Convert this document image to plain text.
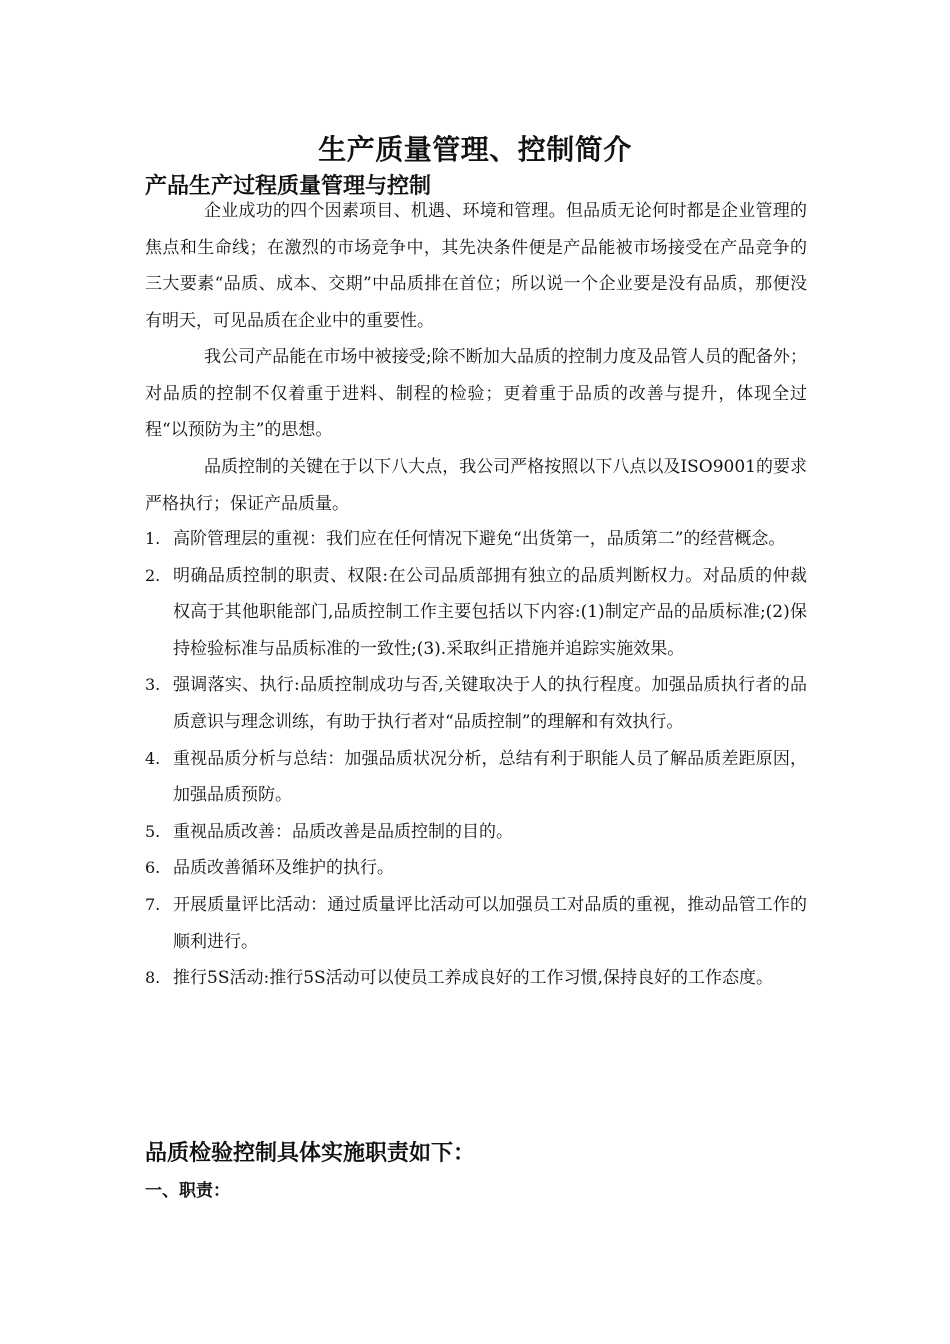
生产质量管理、控制简介
产品生产过程质量管理与控制

企业成功的四个因素项目、机遇、环境和管理。但品质无论何时都是企业管理的焦点和生命线；在激烈的市场竞争中，其先决条件便是产品能被市场接受在产品竞争的三大要素“品质、成本、交期”中品质排在首位；所以说一个企业要是没有品质，那便没有明天，可见品质在企业中的重要性。

我公司产品能在市场中被接受;除不断加大品质的控制力度及品管人员的配备外；对品质的控制不仅着重于进料、制程的检验；更着重于品质的改善与提升，体现全过程“以预防为主”的思想。

品质控制的关键在于以下八大点，我公司严格按照以下八点以及ISO9001的要求严格执行；保证产品质量。

1. 高阶管理层的重视：我们应在任何情况下避免“出货第一，品质第二”的经营概念。
2. 明确品质控制的职责、权限:在公司品质部拥有独立的品质判断权力。对品质的仲裁权高于其他职能部门,品质控制工作主要包括以下内容:(1)制定产品的品质标准;(2)保持检验标准与品质标准的一致性;(3).采取纠正措施并追踪实施效果。
3. 强调落实、执行:品质控制成功与否,关键取决于人的执行程度。加强品质执行者的品质意识与理念训练，有助于执行者对“品质控制”的理解和有效执行。
4. 重视品质分析与总结：加强品质状况分析，总结有利于职能人员了解品质差距原因，加强品质预防。
5. 重视品质改善：品质改善是品质控制的目的。
6. 品质改善循环及维护的执行。
7. 开展质量评比活动：通过质量评比活动可以加强员工对品质的重视，推动品管工作的顺利进行。
8. 推行5S活动:推行5S活动可以使员工养成良好的工作习惯,保持良好的工作态度。
品质检验控制具体实施职责如下：
一、职责：
